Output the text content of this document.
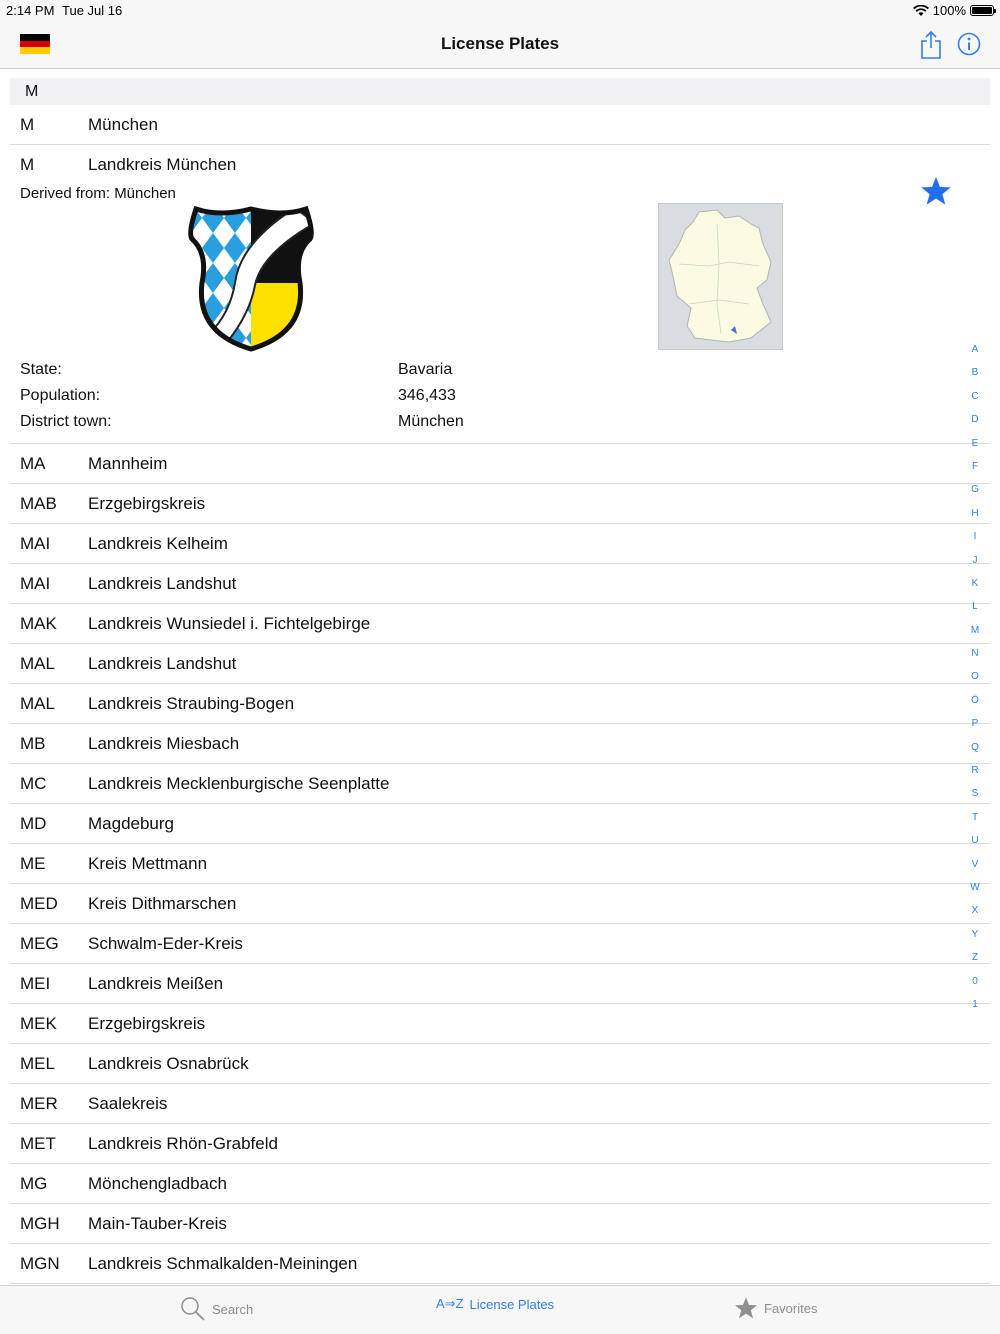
2:14 PM Tue Jul 16	100%
License Plates
M
M	München
M	Landkreis München
Derived from: München
State:	Bavaria
Population:	346,433
District town:	München
MA	Mannheim
MAB Erzgebirgskreis
MAI Landkreis Kelheim
MAI Landkreis Landshut
MAK Landkreis Wunsiedel i. Fichtelgebirge
MAL Landkreis Landshut
MAL Landkreis Straubing-Bogen
MB	Landkreis Miesbach
MC Landkreis Mecklenburgische Seenplatte
MD Magdeburg
ME	Kreis Mettmann
MED Kreis Dithmarschen
MEG Schwalm-Eder-Kreis
MEI Landkreis Meißen
MEK Erzgebirgskreis
MEL Landkreis Osnabrück
MER Saalekreis
MET Landkreis Rhön-Grabfeld
MG Mönchengladbach
MGH Main-Tauber-Kreis
MGN Landkreis Schmalkalden-Meiningen
A
B
C
D
E
F
G
H
I
J
K
L
M
N
O
Ö
P
Q
R
S
T
U
V
W
X
Y
Z
0
1
Search	A⇒Z License Plates	Favorites
